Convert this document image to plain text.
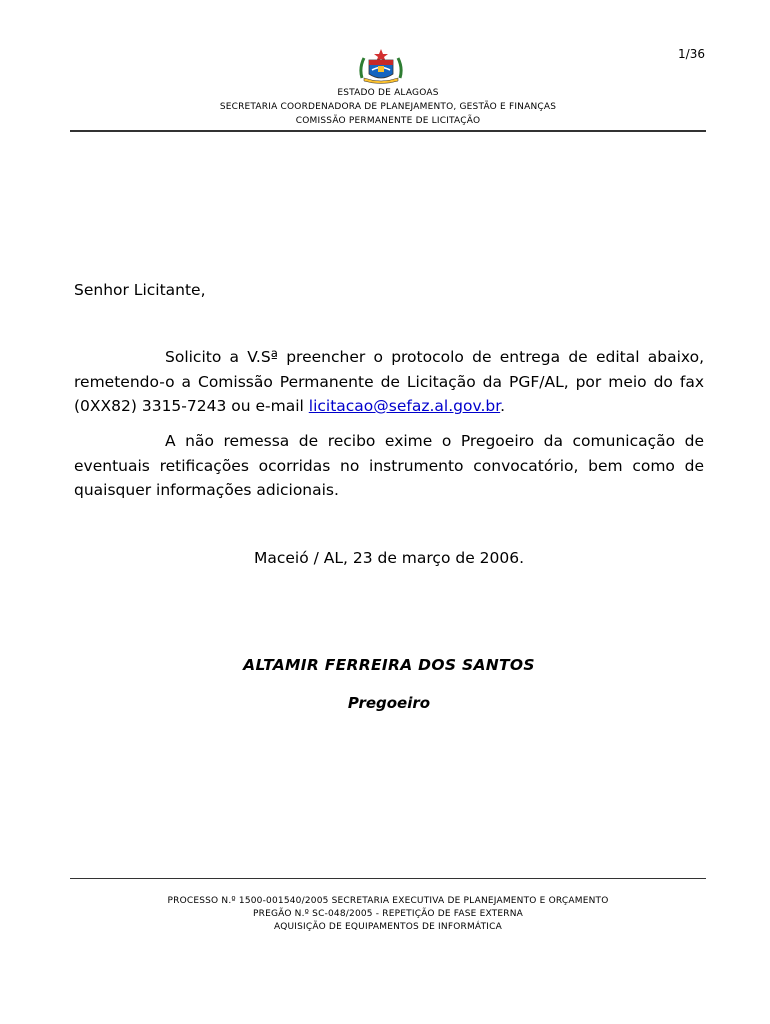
1/36
ESTADO DE ALAGOAS
SECRETARIA COORDENADORA DE PLANEJAMENTO, GESTÃO E FINANÇAS
COMISSÃO PERMANENTE DE LICITAÇÃO
Senhor Licitante,
Solicito a V.Sª preencher o protocolo de entrega de edital abaixo, remetendo-o a Comissão Permanente de Licitação da PGF/AL, por meio do fax (0XX82) 3315-7243 ou e-mail licitacao@sefaz.al.gov.br.
A não remessa de recibo exime o Pregoeiro da comunicação de eventuais retificações ocorridas no instrumento convocatório, bem como de quaisquer informações adicionais.
Maceió / AL, 23 de março de 2006.
ALTAMIR FERREIRA DOS SANTOS
Pregoeiro
PROCESSO N.º 1500-001540/2005 SECRETARIA EXECUTIVA DE PLANEJAMENTO E ORÇAMENTO
PREGÃO N.º SC-048/2005 - REPETIÇÃO DE FASE EXTERNA
AQUISIÇÃO DE EQUIPAMENTOS DE INFORMÁTICA
